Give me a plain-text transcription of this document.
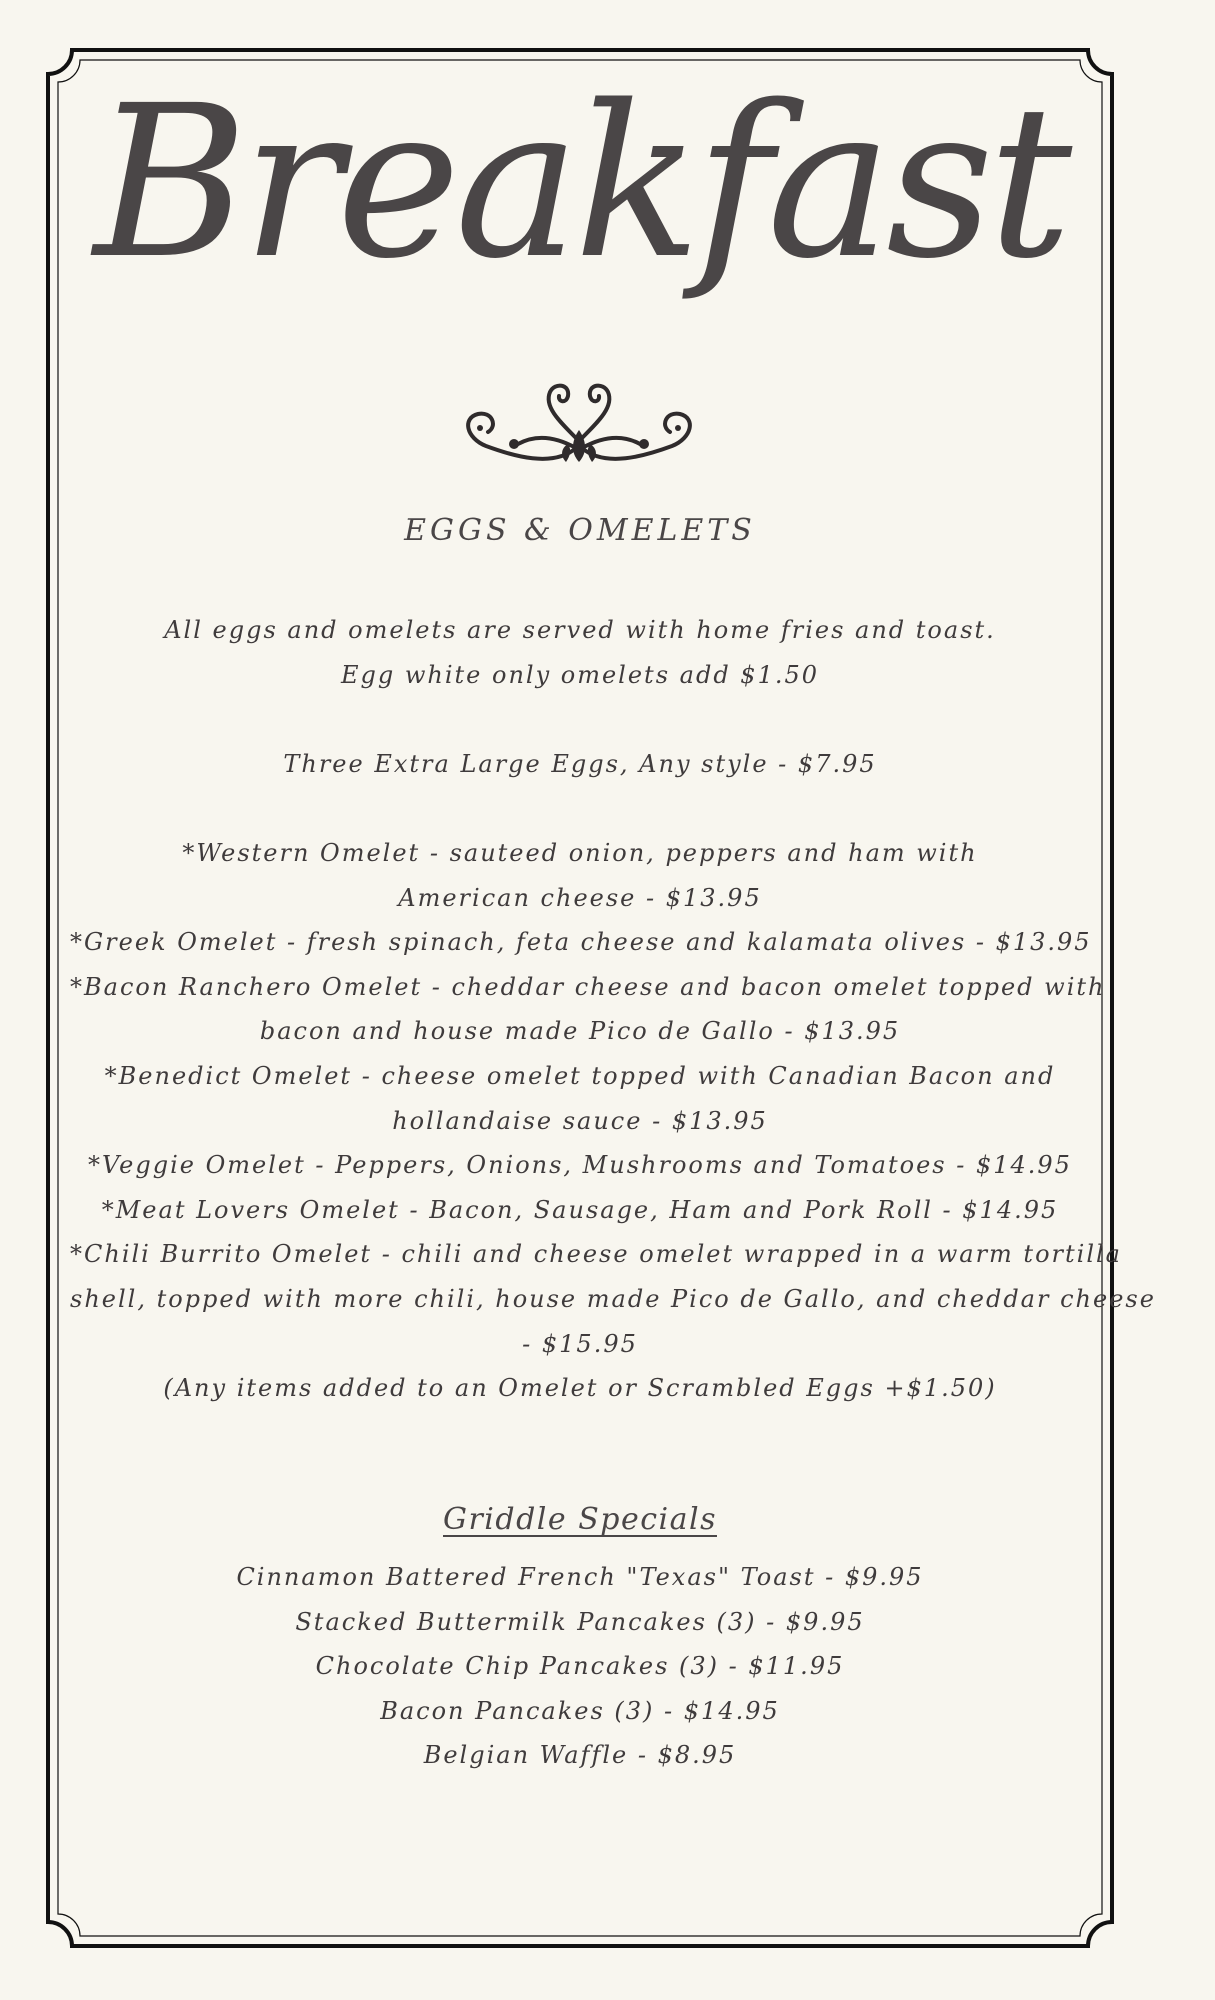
Breakfast
EGGS & OMELETS
All eggs and omelets are served with home fries and toast.
Egg white only omelets add $1.50
Three Extra Large Eggs, Any style - $7.95
*Western Omelet - sauteed onion, peppers and ham with
American cheese - $13.95
*Greek Omelet - fresh spinach, feta cheese and kalamata olives - $13.95
*Bacon Ranchero Omelet - cheddar cheese and bacon omelet topped with
bacon and house made Pico de Gallo - $13.95
*Benedict Omelet - cheese omelet topped with Canadian Bacon and
hollandaise sauce - $13.95
*Veggie Omelet - Peppers, Onions, Mushrooms and Tomatoes - $14.95
*Meat Lovers Omelet - Bacon, Sausage, Ham and Pork Roll - $14.95
*Chili Burrito Omelet - chili and cheese omelet wrapped in a warm tortilla
shell, topped with more chili, house made Pico de Gallo, and cheddar cheese
- $15.95
(Any items added to an Omelet or Scrambled Eggs +$1.50)
Griddle Specials
Cinnamon Battered French "Texas" Toast - $9.95
Stacked Buttermilk Pancakes (3) - $9.95
Chocolate Chip Pancakes (3) - $11.95
Bacon Pancakes (3) - $14.95
Belgian Waffle - $8.95
